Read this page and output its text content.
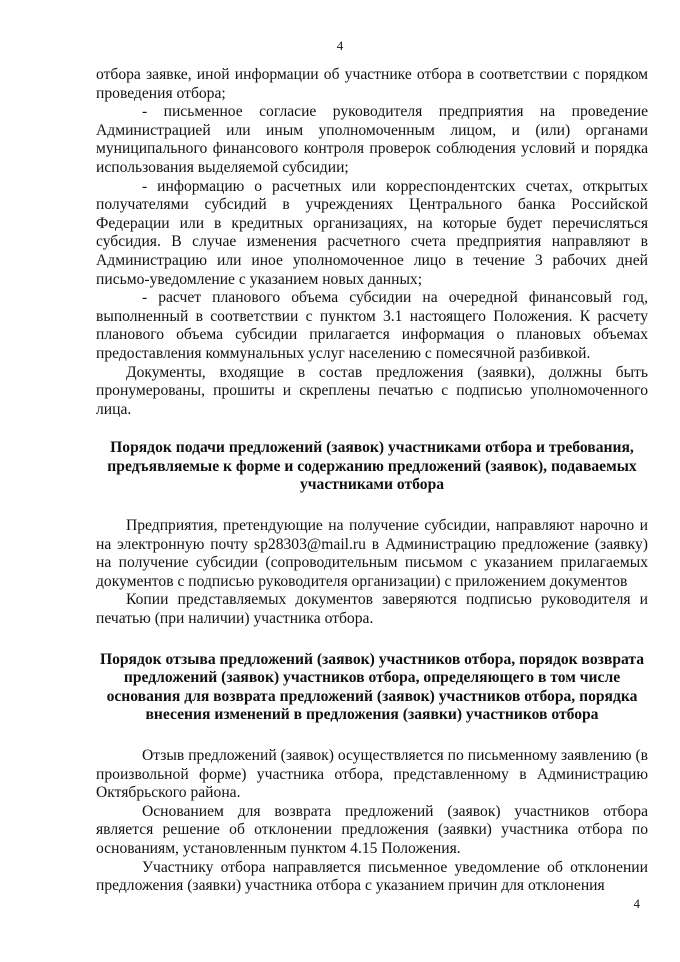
4

отбора заявке, иной информации об участнике отбора в соответствии с порядком проведения отбора;

- письменное согласие руководителя предприятия на проведение Администрацией или иным уполномоченным лицом, и (или) органами муниципального финансового контроля проверок соблюдения условий и порядка использования выделяемой субсидии;

- информацию о расчетных или корреспондентских счетах, открытых получателями субсидий в учреждениях Центрального банка Российской Федерации или в кредитных организациях, на которые будет перечисляться субсидия. В случае изменения расчетного счета предприятия направляют в Администрацию или иное уполномоченное лицо в течение 3 рабочих дней письмо-уведомление с указанием новых данных;

- расчет планового объема субсидии на очередной финансовый год, выполненный в соответствии с пунктом 3.1 настоящего Положения. К расчету планового объема субсидии прилагается информация о плановых объемах предоставления коммунальных услуг населению с помесячной разбивкой.

Документы, входящие в состав предложения (заявки), должны быть пронумерованы, прошиты и скреплены печатью с подписью уполномоченного лица.

Порядок подачи предложений (заявок) участниками отбора и требования, предъявляемые к форме и содержанию предложений (заявок), подаваемых участниками отбора

Предприятия, претендующие на получение субсидии, направляют нарочно и на электронную почту sp28303@mail.ru в Администрацию предложение (заявку) на получение субсидии (сопроводительным письмом с указанием прилагаемых документов с подписью руководителя организации) с приложением документов

Копии представляемых документов заверяются подписью руководителя и печатью (при наличии) участника отбора.

Порядок отзыва предложений (заявок) участников отбора, порядок возврата предложений (заявок) участников отбора, определяющего в том числе основания для возврата предложений (заявок) участников отбора, порядка внесения изменений в предложения (заявки) участников отбора

Отзыв предложений (заявок) осуществляется по письменному заявлению (в произвольной форме) участника отбора, представленному в Администрацию Октябрьского района.

Основанием для возврата предложений (заявок) участников отбора является решение об отклонении предложения (заявки) участника отбора по основаниям, установленным пунктом 4.15 Положения.

Участнику отбора направляется письменное уведомление об отклонении предложения (заявки) участника отбора с указанием причин для отклонения

4
